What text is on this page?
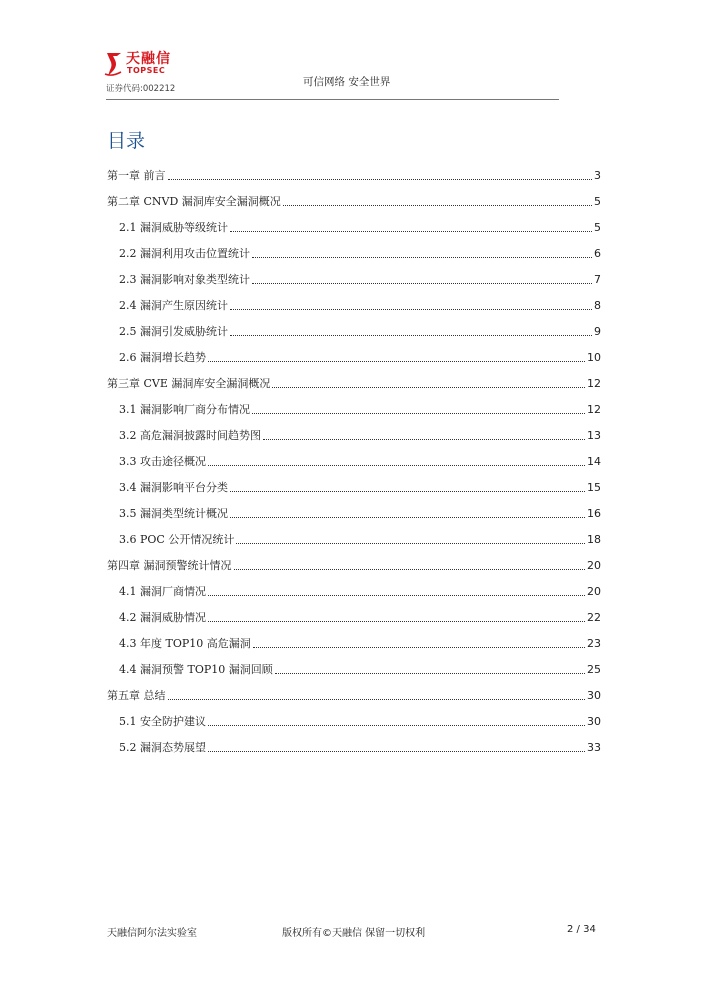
天融信
TOPSEC
证券代码:002212
可信网络 安全世界
目录
第一章 前言	3
第二章 CNVD 漏洞库安全漏洞概况	5
2.1 漏洞威胁等级统计	5
2.2 漏洞利用攻击位置统计	6
2.3 漏洞影响对象类型统计	7
2.4 漏洞产生原因统计	8
2.5 漏洞引发威胁统计	9
2.6 漏洞增长趋势	10
第三章 CVE 漏洞库安全漏洞概况	12
3.1 漏洞影响厂商分布情况	12
3.2 高危漏洞披露时间趋势图	13
3.3 攻击途径概况	14
3.4 漏洞影响平台分类	15
3.5 漏洞类型统计概况	16
3.6 POC 公开情况统计	18
第四章 漏洞预警统计情况	20
4.1 漏洞厂商情况	20
4.2 漏洞威胁情况	22
4.3 年度 TOP10 高危漏洞	23
4.4 漏洞预警 TOP10 漏洞回顾	25
第五章 总结	30
5.1 安全防护建议	30
5.2 漏洞态势展望	33
天融信阿尔法实验室	版权所有©天融信 保留一切权利	2 / 34
